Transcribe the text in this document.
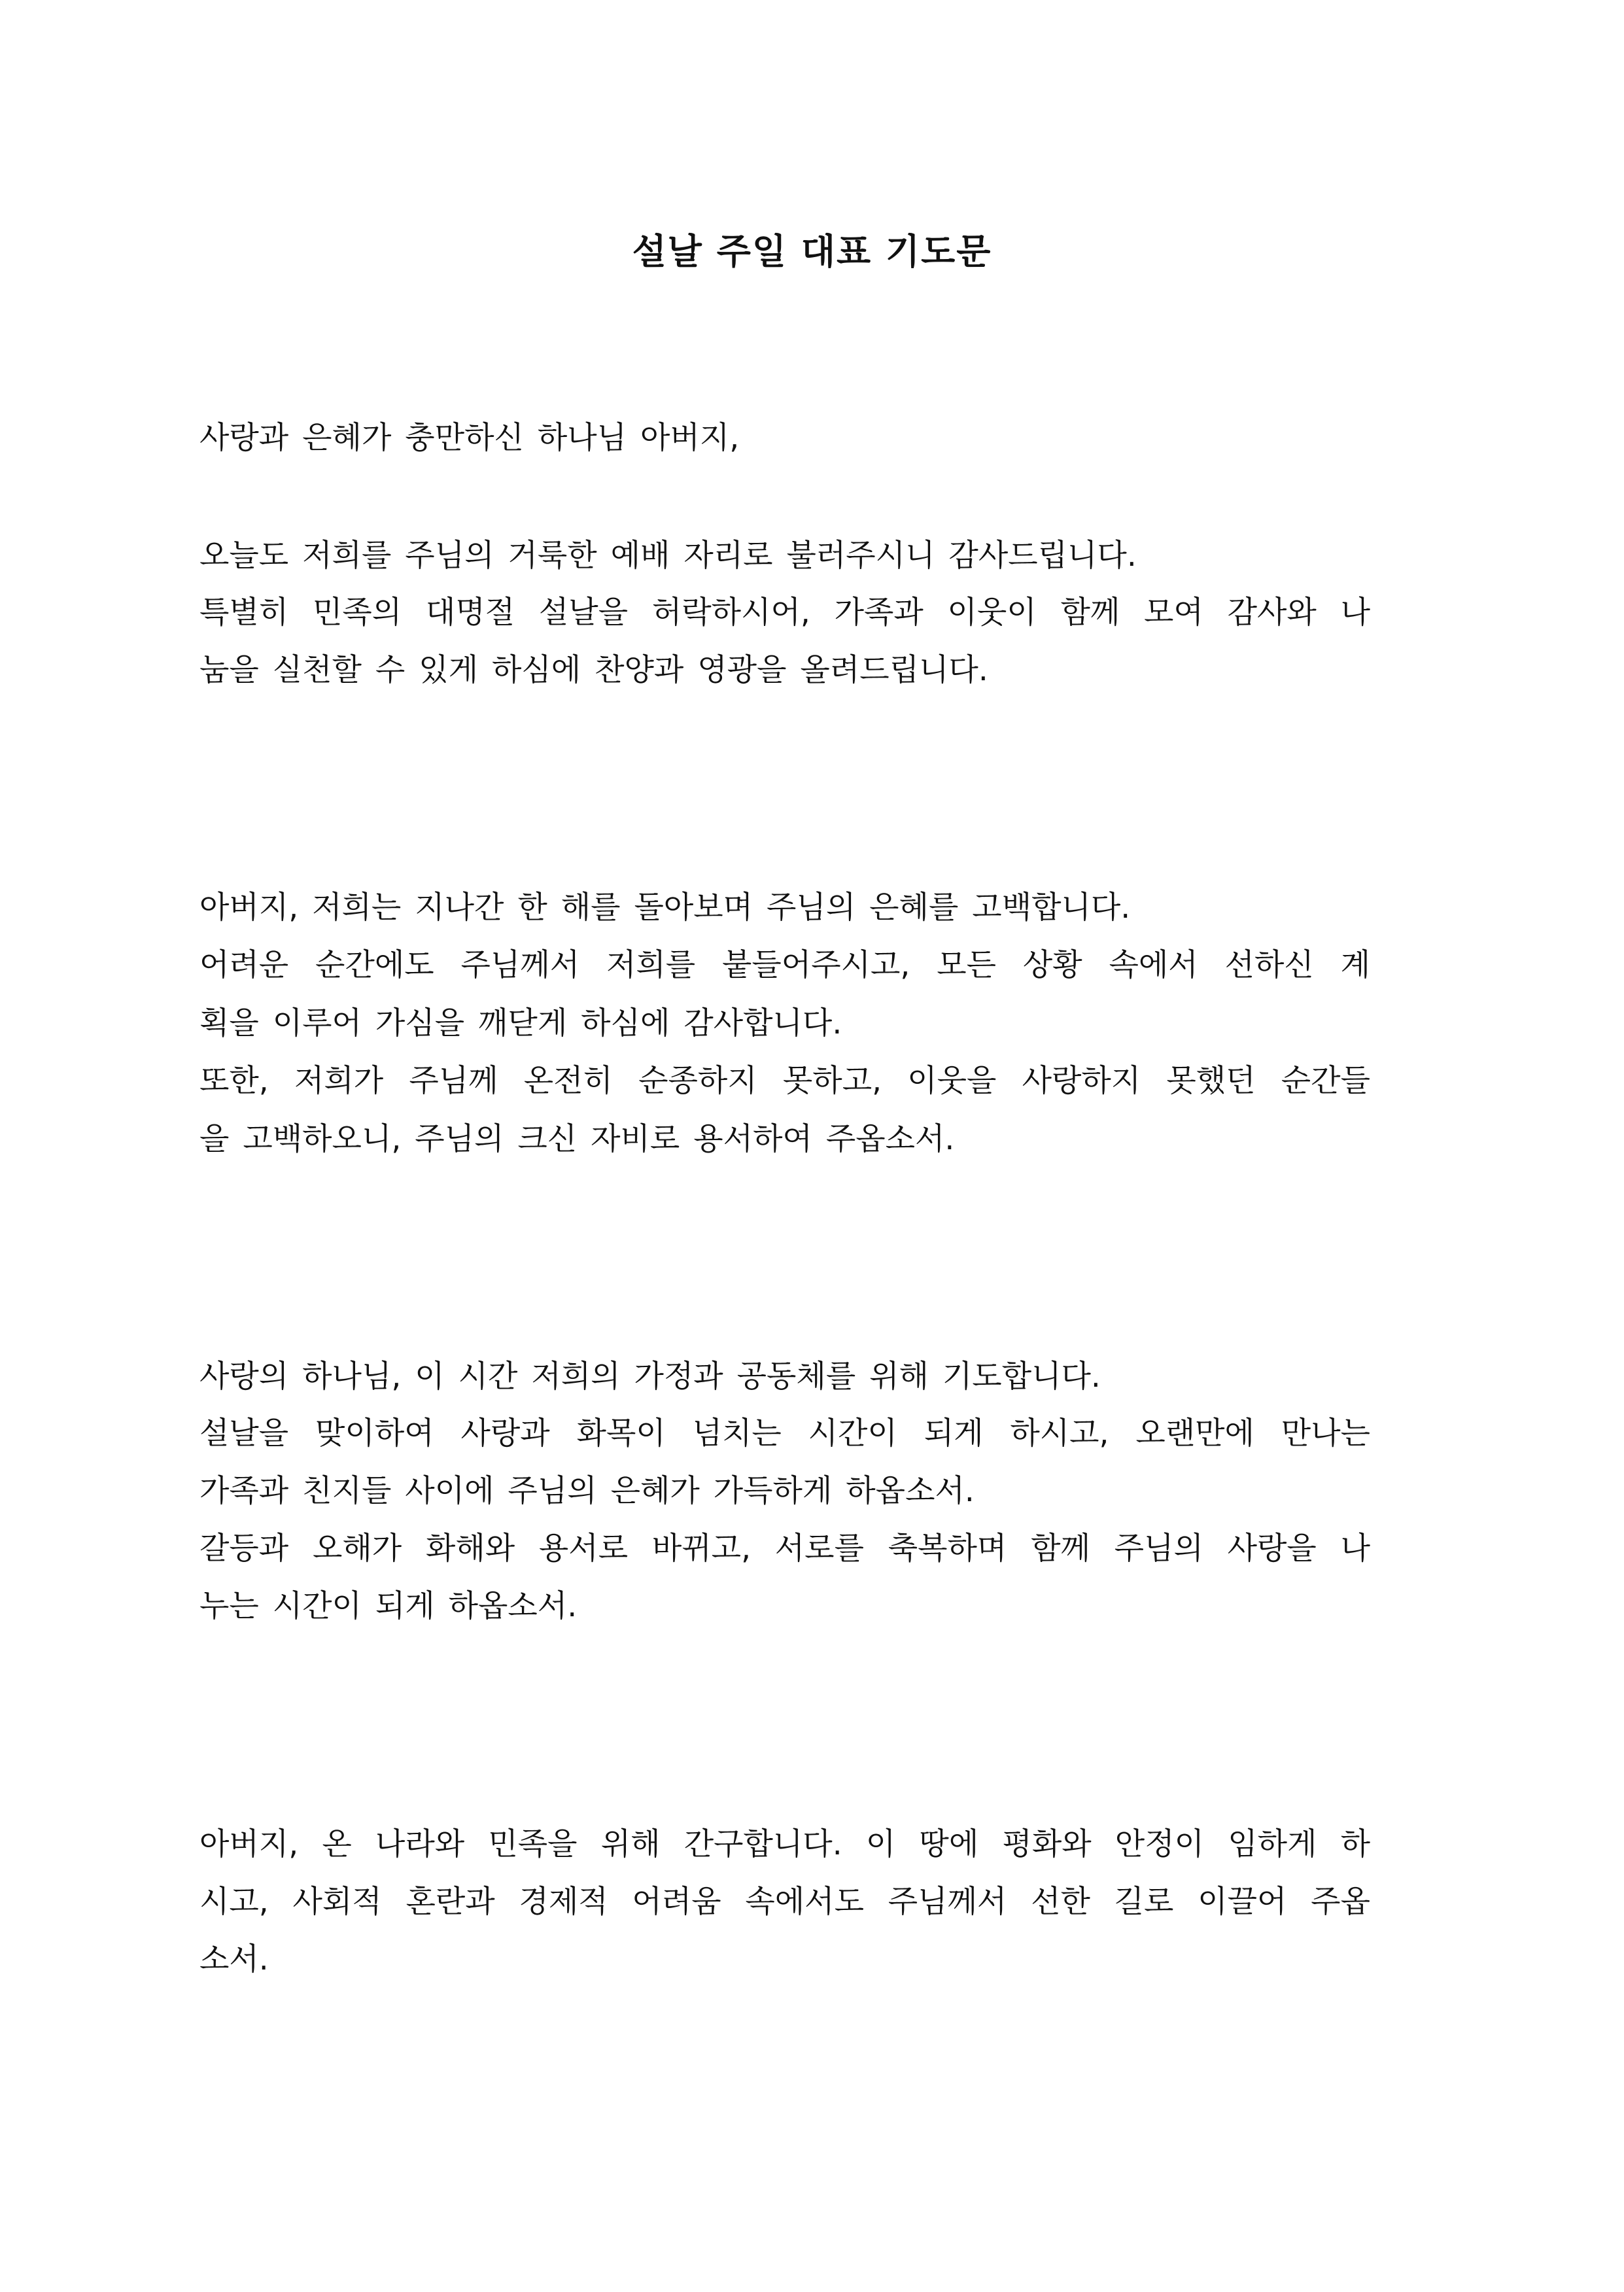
설날 주일 대표 기도문
사랑과 은혜가 충만하신 하나님 아버지,
오늘도 저희를 주님의 거룩한 예배 자리로 불러주시니 감사드립니다.
특별히 민족의 대명절 설날을 허락하시어, 가족과 이웃이 함께 모여 감사와 나
눔을 실천할 수 있게 하심에 찬양과 영광을 올려드립니다.
아버지, 저희는 지나간 한 해를 돌아보며 주님의 은혜를 고백합니다.
어려운 순간에도 주님께서 저희를 붙들어주시고, 모든 상황 속에서 선하신 계
획을 이루어 가심을 깨닫게 하심에 감사합니다.
또한, 저희가 주님께 온전히 순종하지 못하고, 이웃을 사랑하지 못했던 순간들
을 고백하오니, 주님의 크신 자비로 용서하여 주옵소서.
사랑의 하나님, 이 시간 저희의 가정과 공동체를 위해 기도합니다.
설날을 맞이하여 사랑과 화목이 넘치는 시간이 되게 하시고, 오랜만에 만나는
가족과 친지들 사이에 주님의 은혜가 가득하게 하옵소서.
갈등과 오해가 화해와 용서로 바뀌고, 서로를 축복하며 함께 주님의 사랑을 나
누는 시간이 되게 하옵소서.
아버지, 온 나라와 민족을 위해 간구합니다. 이 땅에 평화와 안정이 임하게 하
시고, 사회적 혼란과 경제적 어려움 속에서도 주님께서 선한 길로 이끌어 주옵
소서.
